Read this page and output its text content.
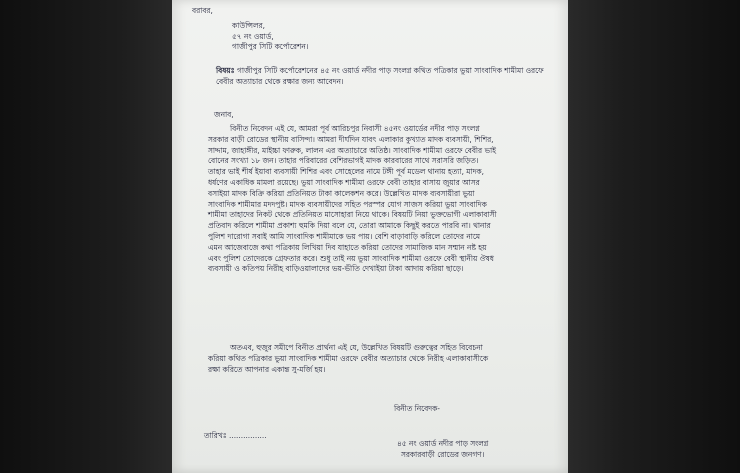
বরাবর,
কাউন্সিলর,
৫৭ নং ওয়ার্ড,
গাজীপুর সিটি কর্পোরেশন।
বিষয়ঃ গাজীপুর সিটি কর্পোরেশনের ৪৫ নং ওয়ার্ড নদীর পাড় সংলগ্ন কথিত পত্রিকার ভুয়া সাংবাদিক শামীমা ওরফে বেবীর অত্যাচার থেকে রক্ষার জন্য আবেদন।
জনাব,
বিনীত নিবেদন এই যে, আমরা পূর্ব আরিচপুর নিবাসী ৪৫নং ওয়ার্ডের নদীর পাড় সংলগ্ন
সরকার বাড়ী রোডের স্থানীয় বাসিন্দা। আমরা দীর্ঘদিন যাবৎ এলাকার কুখ্যাত মাদক ব্যবসায়ী, শিশির,
সাদ্দাম, জাহাঙ্গীর, মাইচ্চা ফারুক, লালন এর অত্যাচারে অতিষ্ঠ। সাংবাদিক শামীমা ওরফে বেবীর ভাই
বোনের সংখ্যা ১৮ জন। তাহার পরিবারের বেশিরভাগই মাদক কারবারের সাথে সরাসরি জড়িত।
তাহার ভাই শীর্ষ ইয়াবা ব্যবসায়ী শিশির এবং সোহেলের নামে টঙ্গী পূর্ব মডেল থানায় হত্যা, মাদক,
ধর্ষণের একাধিক মামলা রয়েছে। ভুয়া সাংবাদিক শামীমা ওরফে বেবী তাহার বাসায় জুয়ার আসর
বসাইয়া মাদক বিক্রি করিয়া প্রতিনিয়ত টাকা কালেকশন করে। উল্লেখিত মাদক ব্যবসায়ীরা ভুয়া
সাংবাদিক শামীমার মদদপুষ্ট। মাদক ব্যবসায়ীদের সহিত পরস্পর যোগ সাজস করিয়া ভুয়া সাংবাদিক
শামীমা তাহাদের নিকট থেকে প্রতিনিয়ত মাসোহারা নিয়ে থাকে। বিষয়টি নিয়া ভুক্তভোগী এলাকাবাসী
প্রতিবাদ করিলে শামীমা প্রকাশ্য হুমকি দিয়া বলে যে, তোরা আমাকে কিছুই করতে পারবি না। থানার
পুলিশ দারোগা সবাই আমি সাংবাদিক শামীমাকে ভয় পায়। বেশি বাড়াবাড়ি করিলে তোদের নামে
এমন আজেবাজে কথা পত্রিকায় লিখিয়া দিব যাহাতে করিয়া তোদের সামাজিক মান সম্মান নষ্ট হয়
এবং পুলিশ তোদেরকে গ্রেফতার করে। শুধু তাই নয় ভুয়া সাংবাদিক শামীমা ওরফে বেবী স্থানীয় ঔষধ
ব্যবসায়ী ও কতিপয় নিরীহ বাড়িওয়ালাদের ভয়-ভীতি দেখাইয়া টাকা আদায় করিয়া ছাড়ে।
অতএব, হুজুর সমীপে বিনীত প্রার্থনা এই যে, উল্লেখিত বিষয়টি গুরুত্বের সহিত বিবেচনা
করিয়া কথিত পত্রিকার ভুয়া সাংবাদিক শামীমা ওরফে বেবীর অত্যাচার থেকে নিরীহ এলাকাবাসীকে
রক্ষা করিতে আপনার একান্ত সু-মর্জি হয়।
বিনীত নিবেদক-
তারিখঃ ................
৪৫ নং ওয়ার্ড নদীর পাড় সংলগ্ন
সরকারবাড়ী রোডের জনগণ।
